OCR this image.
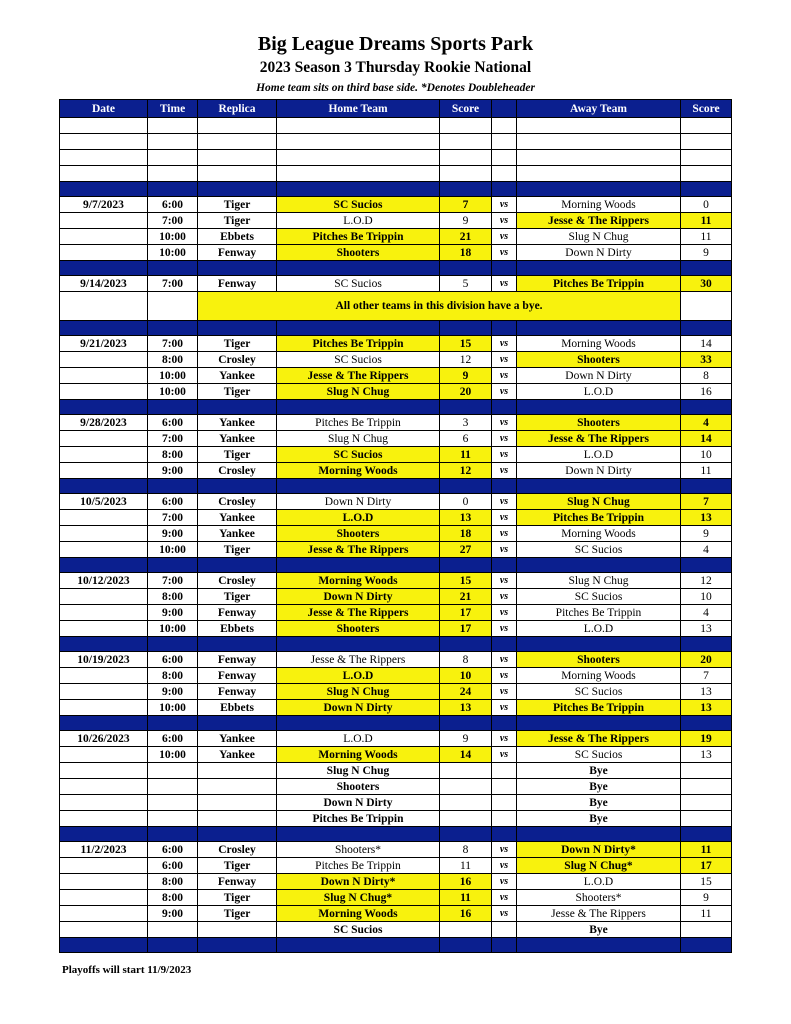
Big League Dreams Sports Park
2023 Season 3 Thursday Rookie National
Home team sits on third base side. *Denotes Doubleheader
Date	Time	Replica	Home Team	Score		Away Team	Score

9/7/2023	6:00	Tiger	SC Sucios	7	vs	Morning Woods	0
	7:00	Tiger	L.O.D	9	vs	Jesse & The Rippers	11
	10:00	Ebbets	Pitches Be Trippin	21	vs	Slug N Chug	11
	10:00	Fenway	Shooters	18	vs	Down N Dirty	9

9/14/2023	7:00	Fenway	SC Sucios	5	vs	Pitches Be Trippin	30
		All other teams in this division have a bye.					

9/21/2023	7:00	Tiger	Pitches Be Trippin	15	vs	Morning Woods	14
	8:00	Crosley	SC Sucios	12	vs	Shooters	33
	10:00	Yankee	Jesse & The Rippers	9	vs	Down N Dirty	8
	10:00	Tiger	Slug N Chug	20	vs	L.O.D	16

9/28/2023	6:00	Yankee	Pitches Be Trippin	3	vs	Shooters	4
	7:00	Yankee	Slug N Chug	6	vs	Jesse & The Rippers	14
	8:00	Tiger	SC Sucios	11	vs	L.O.D	10
	9:00	Crosley	Morning Woods	12	vs	Down N Dirty	11

10/5/2023	6:00	Crosley	Down N Dirty	0	vs	Slug N Chug	7
	7:00	Yankee	L.O.D	13	vs	Pitches Be Trippin	13
	9:00	Yankee	Shooters	18	vs	Morning Woods	9
	10:00	Tiger	Jesse & The Rippers	27	vs	SC Sucios	4

10/12/2023	7:00	Crosley	Morning Woods	15	vs	Slug N Chug	12
	8:00	Tiger	Down N Dirty	21	vs	SC Sucios	10
	9:00	Fenway	Jesse & The Rippers	17	vs	Pitches Be Trippin	4
	10:00	Ebbets	Shooters	17	vs	L.O.D	13

10/19/2023	6:00	Fenway	Jesse & The Rippers	8	vs	Shooters	20
	8:00	Fenway	L.O.D	10	vs	Morning Woods	7
	9:00	Fenway	Slug N Chug	24	vs	SC Sucios	13
	10:00	Ebbets	Down N Dirty	13	vs	Pitches Be Trippin	13

10/26/2023	6:00	Yankee	L.O.D	9	vs	Jesse & The Rippers	19
	10:00	Yankee	Morning Woods	14	vs	SC Sucios	13
			Slug N Chug			Bye	
			Shooters			Bye	
			Down N Dirty			Bye	
			Pitches Be Trippin			Bye	

11/2/2023	6:00	Crosley	Shooters*	8	vs	Down N Dirty*	11
	6:00	Tiger	Pitches Be Trippin	11	vs	Slug N Chug*	17
	8:00	Fenway	Down N Dirty*	16	vs	L.O.D	15
	8:00	Tiger	Slug N Chug*	11	vs	Shooters*	9
	9:00	Tiger	Morning Woods	16	vs	Jesse & The Rippers	11
			SC Sucios			Bye	

Playoffs will start 11/9/2023
